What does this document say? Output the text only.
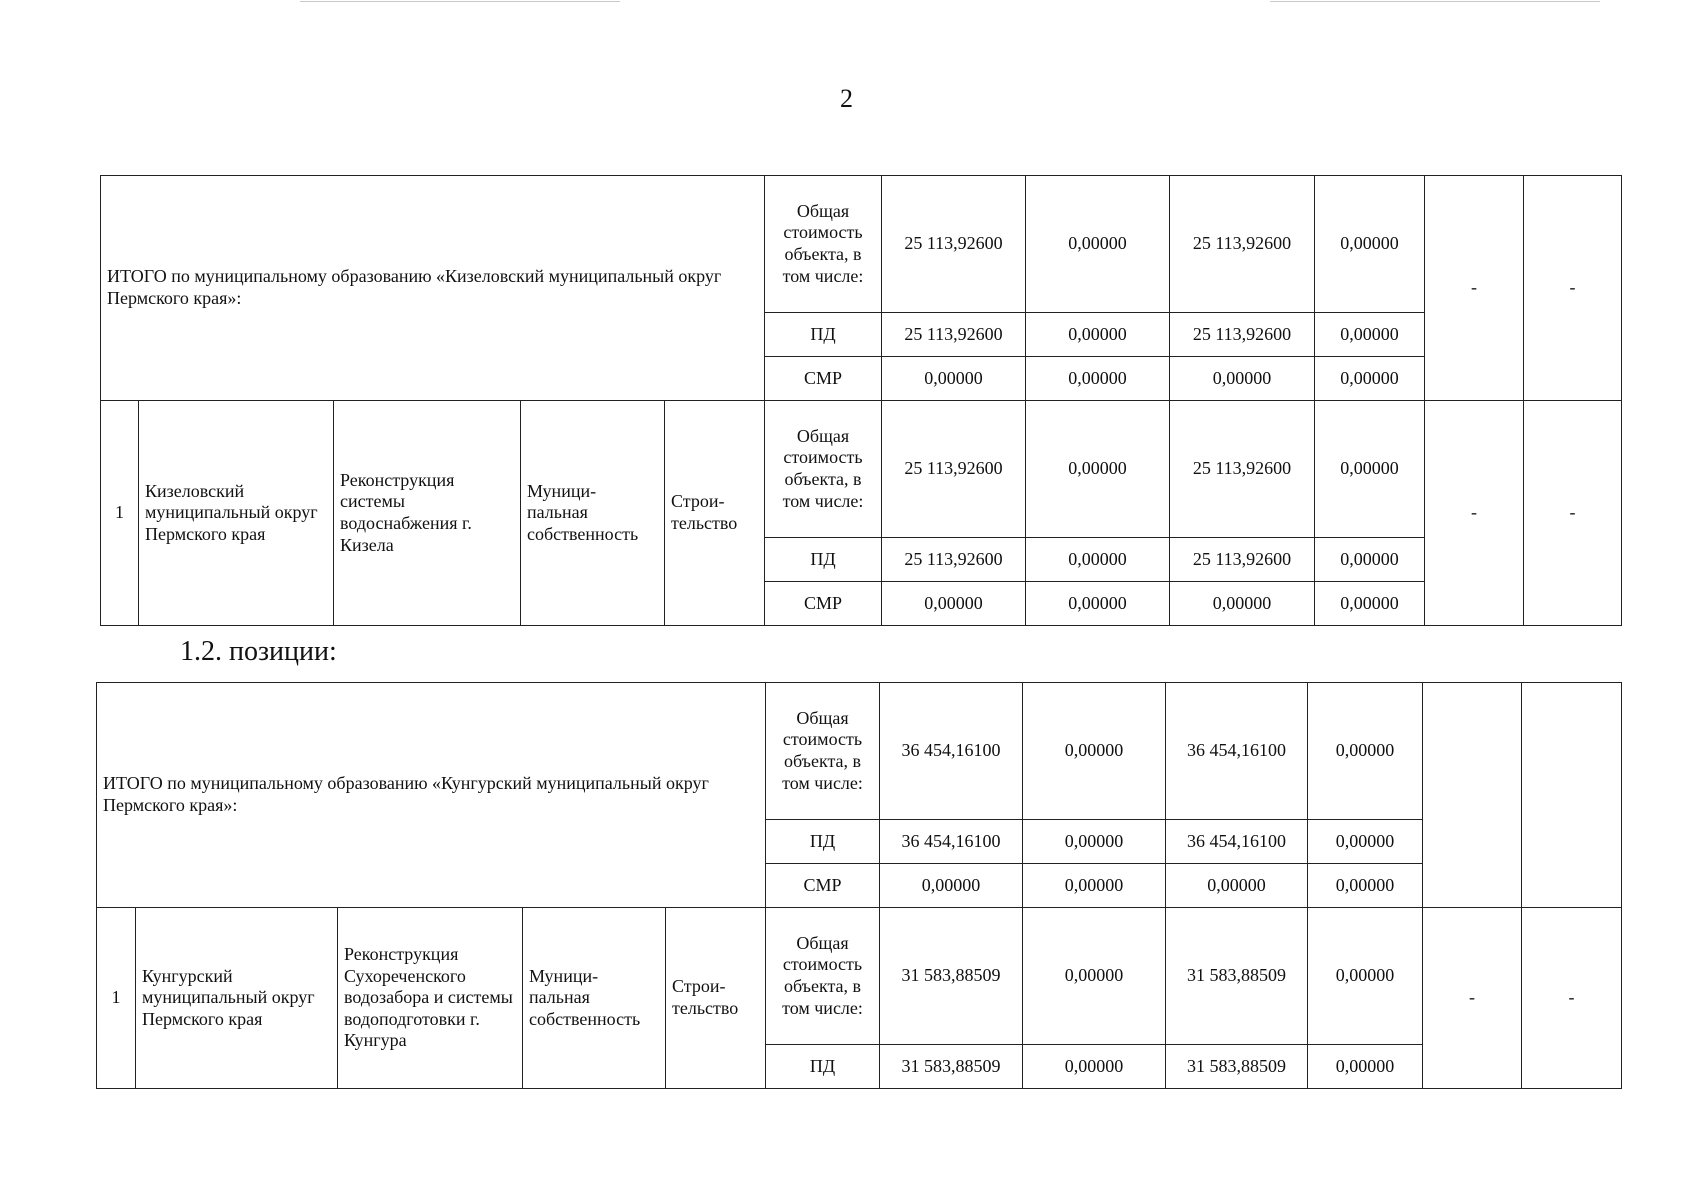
2
ИТОГО по муниципальному образованию «Кизеловский муниципальный округ Пермского края»:					Общая стоимость объекта, в том числе:	25 113,92600	0,00000	25 113,92600	0,00000	-	-
					ПД	25 113,92600	0,00000	25 113,92600	0,00000		
					СМР	0,00000	0,00000	0,00000	0,00000		
1	Кизеловский муниципальный округ Пермского края	Реконструкция системы водоснабжения г. Кизела	Муници-
пальная
собственность	Строи-
тельство	Общая стоимость объекта, в том числе:	25 113,92600	0,00000	25 113,92600	0,00000	-	-
					ПД	25 113,92600	0,00000	25 113,92600	0,00000		
					СМР	0,00000	0,00000	0,00000	0,00000		
1.2. позиции:
ИТОГО по муниципальному образованию «Кунгурский муниципальный округ Пермского края»:					Общая стоимость объекта, в том числе:	36 454,16100	0,00000	36 454,16100	0,00000		
					ПД	36 454,16100	0,00000	36 454,16100	0,00000		
					СМР	0,00000	0,00000	0,00000	0,00000		
1	Кунгурский муниципальный округ Пермского края	Реконструкция Сухореченского водозабора и системы водоподготовки г. Кунгура	Муници-
пальная
собственность	Строи-
тельство	Общая стоимость объекта, в том числе:	31 583,88509	0,00000	31 583,88509	0,00000	-	-
					ПД	31 583,88509	0,00000	31 583,88509	0,00000		
